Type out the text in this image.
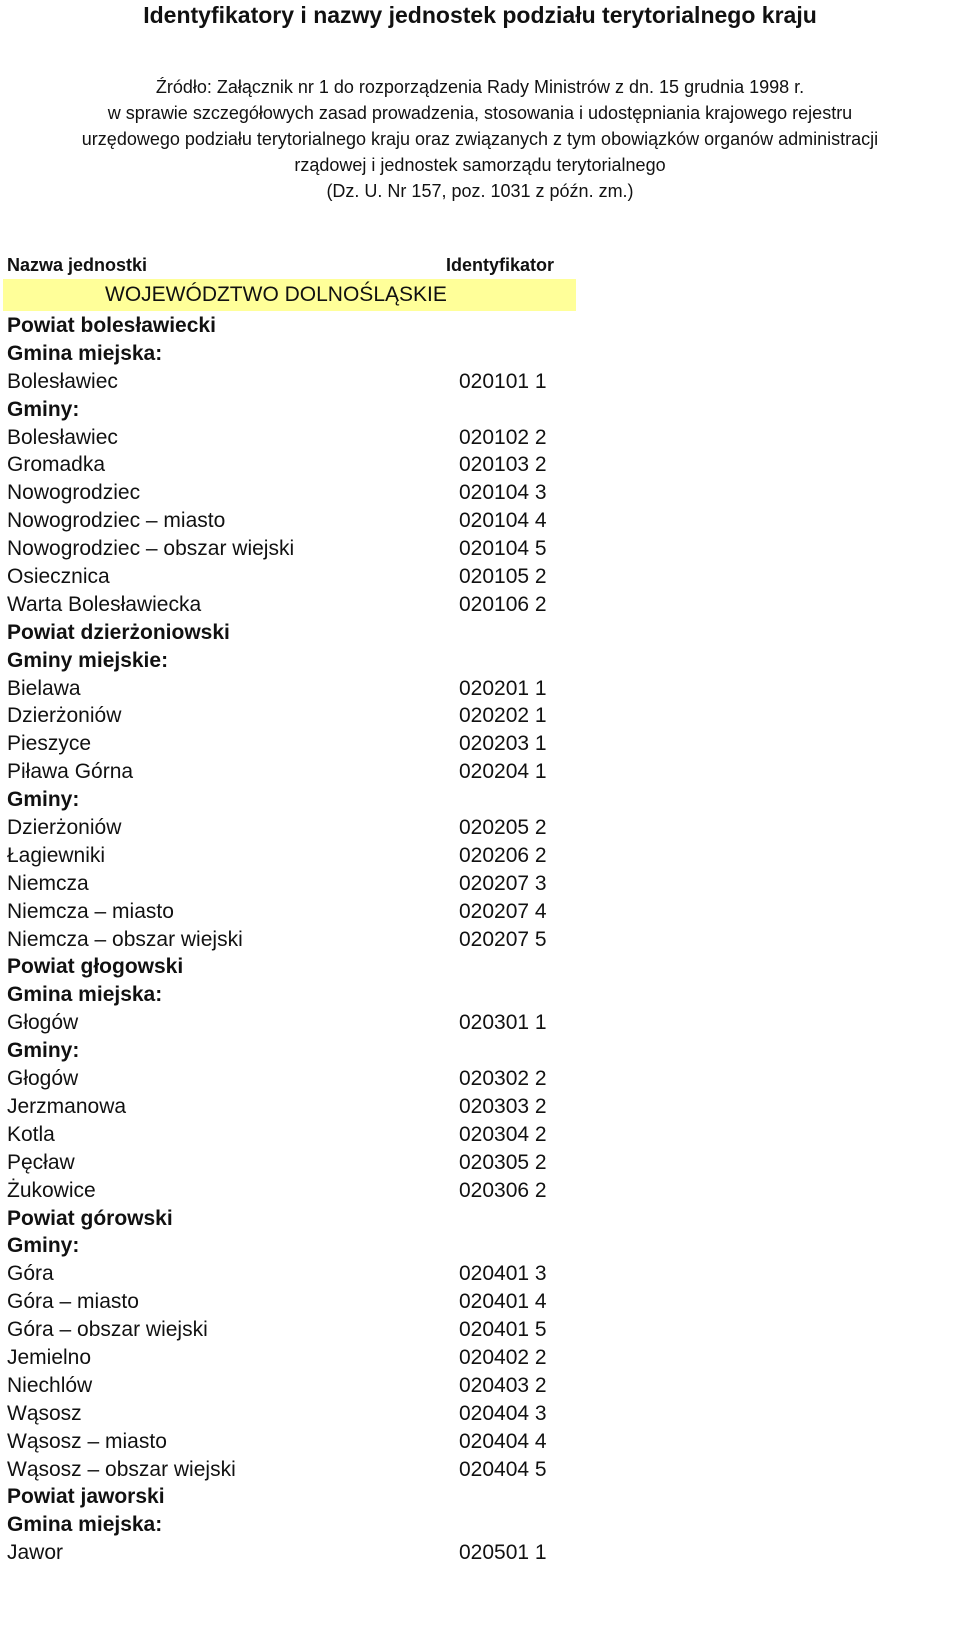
Identyfikatory i nazwy jednostek podziału terytorialnego kraju
Źródło: Załącznik nr 1 do rozporządzenia Rady Ministrów z dn. 15 grudnia 1998 r.
w sprawie szczegółowych zasad prowadzenia, stosowania i udostępniania krajowego rejestru
urzędowego podziału terytorialnego kraju oraz związanych z tym obowiązków organów administracji
rządowej i jednostek samorządu terytorialnego
(Dz. U. Nr 157, poz. 1031 z późn. zm.)
Nazwa jednostki	Identyfikator
WOJEWÓDZTWO DOLNOŚLĄSKIE
Powiat bolesławiecki
Gmina miejska:
Bolesławiec	020101 1
Gminy:
Bolesławiec	020102 2
Gromadka	020103 2
Nowogrodziec	020104 3
Nowogrodziec – miasto	020104 4
Nowogrodziec – obszar wiejski	020104 5
Osiecznica	020105 2
Warta Bolesławiecka	020106 2
Powiat dzierżoniowski
Gminy miejskie:
Bielawa	020201 1
Dzierżoniów	020202 1
Pieszyce	020203 1
Piława Górna	020204 1
Gminy:
Dzierżoniów	020205 2
Łagiewniki	020206 2
Niemcza	020207 3
Niemcza – miasto	020207 4
Niemcza – obszar wiejski	020207 5
Powiat głogowski
Gmina miejska:
Głogów	020301 1
Gminy:
Głogów	020302 2
Jerzmanowa	020303 2
Kotla	020304 2
Pęcław	020305 2
Żukowice	020306 2
Powiat górowski
Gminy:
Góra	020401 3
Góra – miasto	020401 4
Góra – obszar wiejski	020401 5
Jemielno	020402 2
Niechlów	020403 2
Wąsosz	020404 3
Wąsosz – miasto	020404 4
Wąsosz – obszar wiejski	020404 5
Powiat jaworski
Gmina miejska:
Jawor	020501 1
